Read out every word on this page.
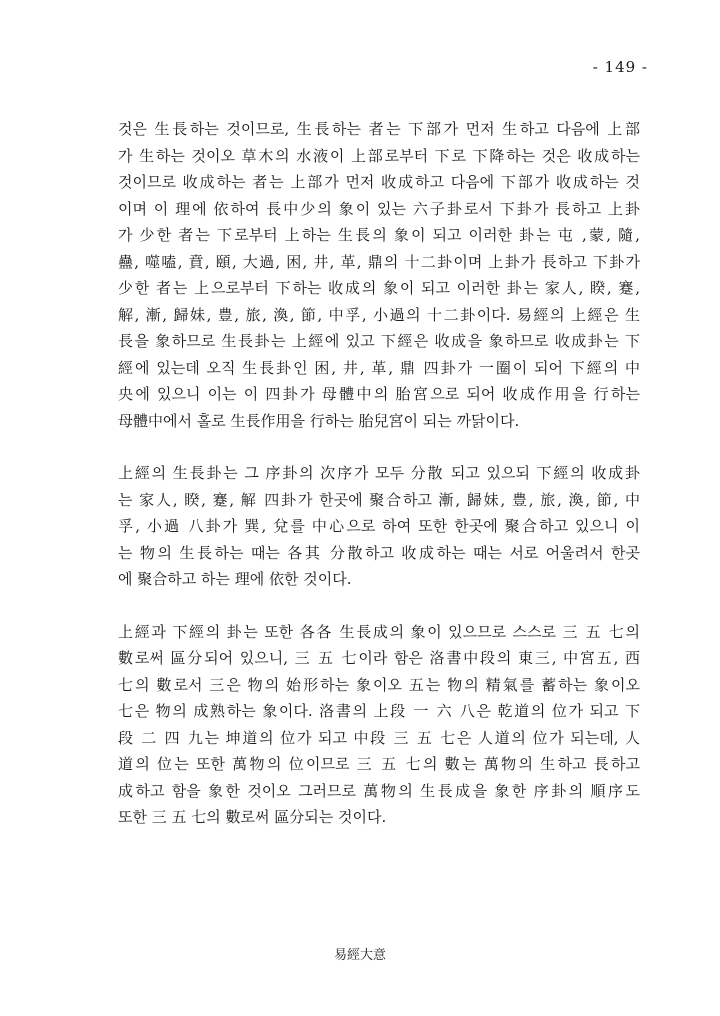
- 149 -
것은 生長하는 것이므로, 生長하는 者는 下部가 먼저 生하고 다음에 上部
가 生하는 것이오 草木의 水液이 上部로부터 下로 下降하는 것은 收成하는
것이므로 收成하는 者는 上部가 먼저 收成하고 다음에 下部가 收成하는 것
이며 이 理에 依하여 長中少의 象이 있는 六子卦로서 下卦가 長하고 上卦
가 少한 者는 下로부터 上하는 生長의 象이 되고 이러한 卦는 屯 ,蒙, 隨,
蠱, 噬嗑, 賁, 頤, 大過, 困, 井, 革, 鼎의 十二卦이며 上卦가 長하고 下卦가
少한 者는 上으로부터 下하는 收成의 象이 되고 이러한 卦는 家人, 睽, 蹇,
解, 漸, 歸妹, 豊, 旅, 渙, 節, 中孚, 小過의 十二卦이다. 易經의 上經은 生
長을 象하므로 生長卦는 上經에 있고 下經은 收成을 象하므로 收成卦는 下
經에 있는데 오직 生長卦인 困, 井, 革, 鼎 四卦가 一圈이 되어 下經의 中
央에 있으니 이는 이 四卦가 母體中의 胎宮으로 되어 收成作用을 行하는
母體中에서 홀로 生長作用을 行하는 胎兒宮이 되는 까닭이다.
上經의 生長卦는 그 序卦의 次序가 모두 分散 되고 있으되 下經의 收成卦
는 家人, 睽, 蹇, 解 四卦가 한곳에 聚合하고 漸, 歸妹, 豊, 旅, 渙, 節, 中
孚, 小過 八卦가 巽, 兌를 中心으로 하여 또한 한곳에 聚合하고 있으니 이
는 物의 生長하는 때는 各其 分散하고 收成하는 때는 서로 어울려서 한곳
에 聚合하고 하는 理에 依한 것이다.
上經과 下經의 卦는 또한 各各 生長成의 象이 있으므로 스스로 三 五 七의
數로써 區分되어 있으니, 三 五 七이라 함은 洛書中段의 東三, 中宮五, 西
七의 數로서 三은 物의 始形하는 象이오 五는 物의 精氣를 蓄하는 象이오
七은 物의 成熟하는 象이다. 洛書의 上段 一 六 八은 乾道의 位가 되고 下
段 二 四 九는 坤道의 位가 되고 中段 三 五 七은 人道의 位가 되는데, 人
道의 位는 또한 萬物의 位이므로 三 五 七의 數는 萬物의 生하고 長하고
成하고 함을 象한 것이오 그러므로 萬物의 生長成을 象한 序卦의 順序도
또한 三 五 七의 數로써 區分되는 것이다.
易經大意
